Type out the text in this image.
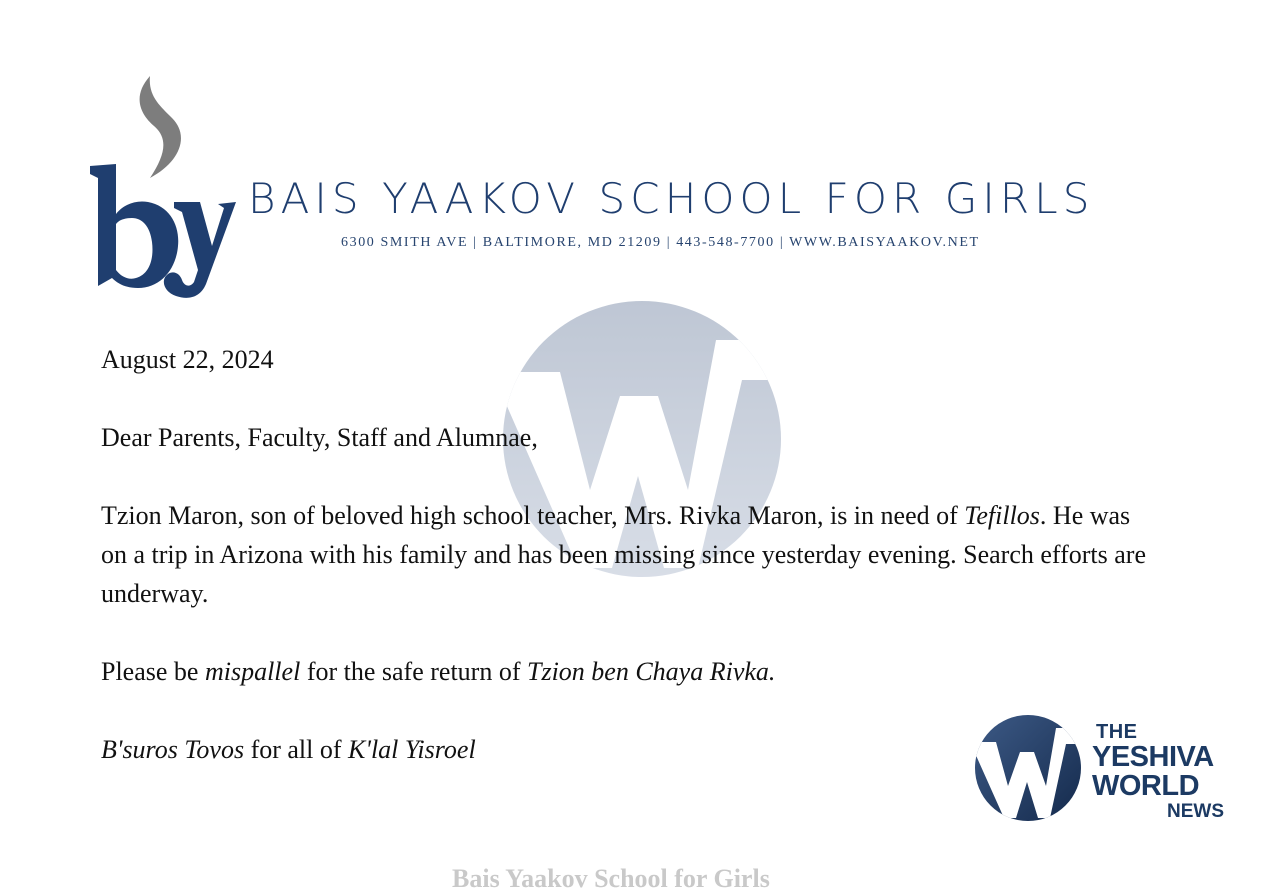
BAIS YAAKOV SCHOOL FOR GIRLS
6300 SMITH AVE | BALTIMORE, MD 21209 | 443-548-7700 | WWW.BAISYAAKOV.NET

August 22, 2024

Dear Parents, Faculty, Staff and Alumnae,

Tzion Maron, son of beloved high school teacher, Mrs. Rivka Maron, is in need of Tefillos. He was on a trip in Arizona with his family and has been missing since yesterday evening. Search efforts are underway.

Please be mispallel for the safe return of Tzion ben Chaya Rivka.

B'suros Tovos for all of K'lal Yisroel

THE
YESHIVA
WORLD
NEWS
Bais Yaakov School for Girls
